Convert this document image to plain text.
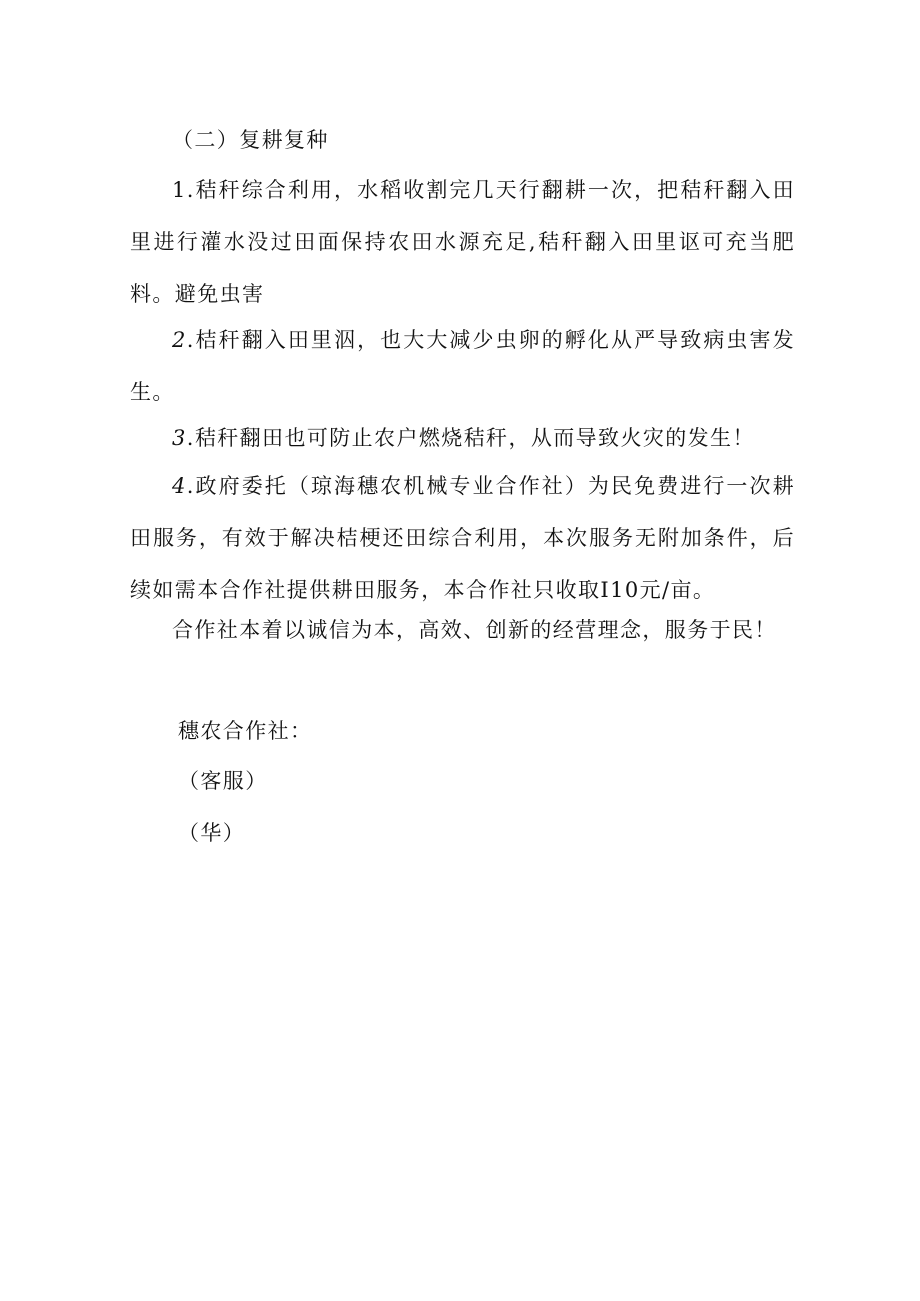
（二）复耕复种

1.秸秆综合利用，水稻收割完几天行翻耕一次，把秸秆翻入田里进行灌水没过田面保持农田水源充足,秸秆翻入田里讴可充当肥料。避免虫害

2.桔秆翻入田里泅，也大大减少虫卵的孵化从严导致病虫害发生。

3.秸秆翻田也可防止农户燃烧秸秆，从而导致火灾的发生！

4.政府委托（琼海穗农机械专业合作社）为民免费进行一次耕田服务，有效于解决桔梗还田综合利用，本次服务无附加条件，后续如需本合作社提供耕田服务，本合作社只收取I10元/亩。

合作社本着以诚信为本，高效、创新的经营理念，服务于民！

穗农合作社：

（客服）

（华）
